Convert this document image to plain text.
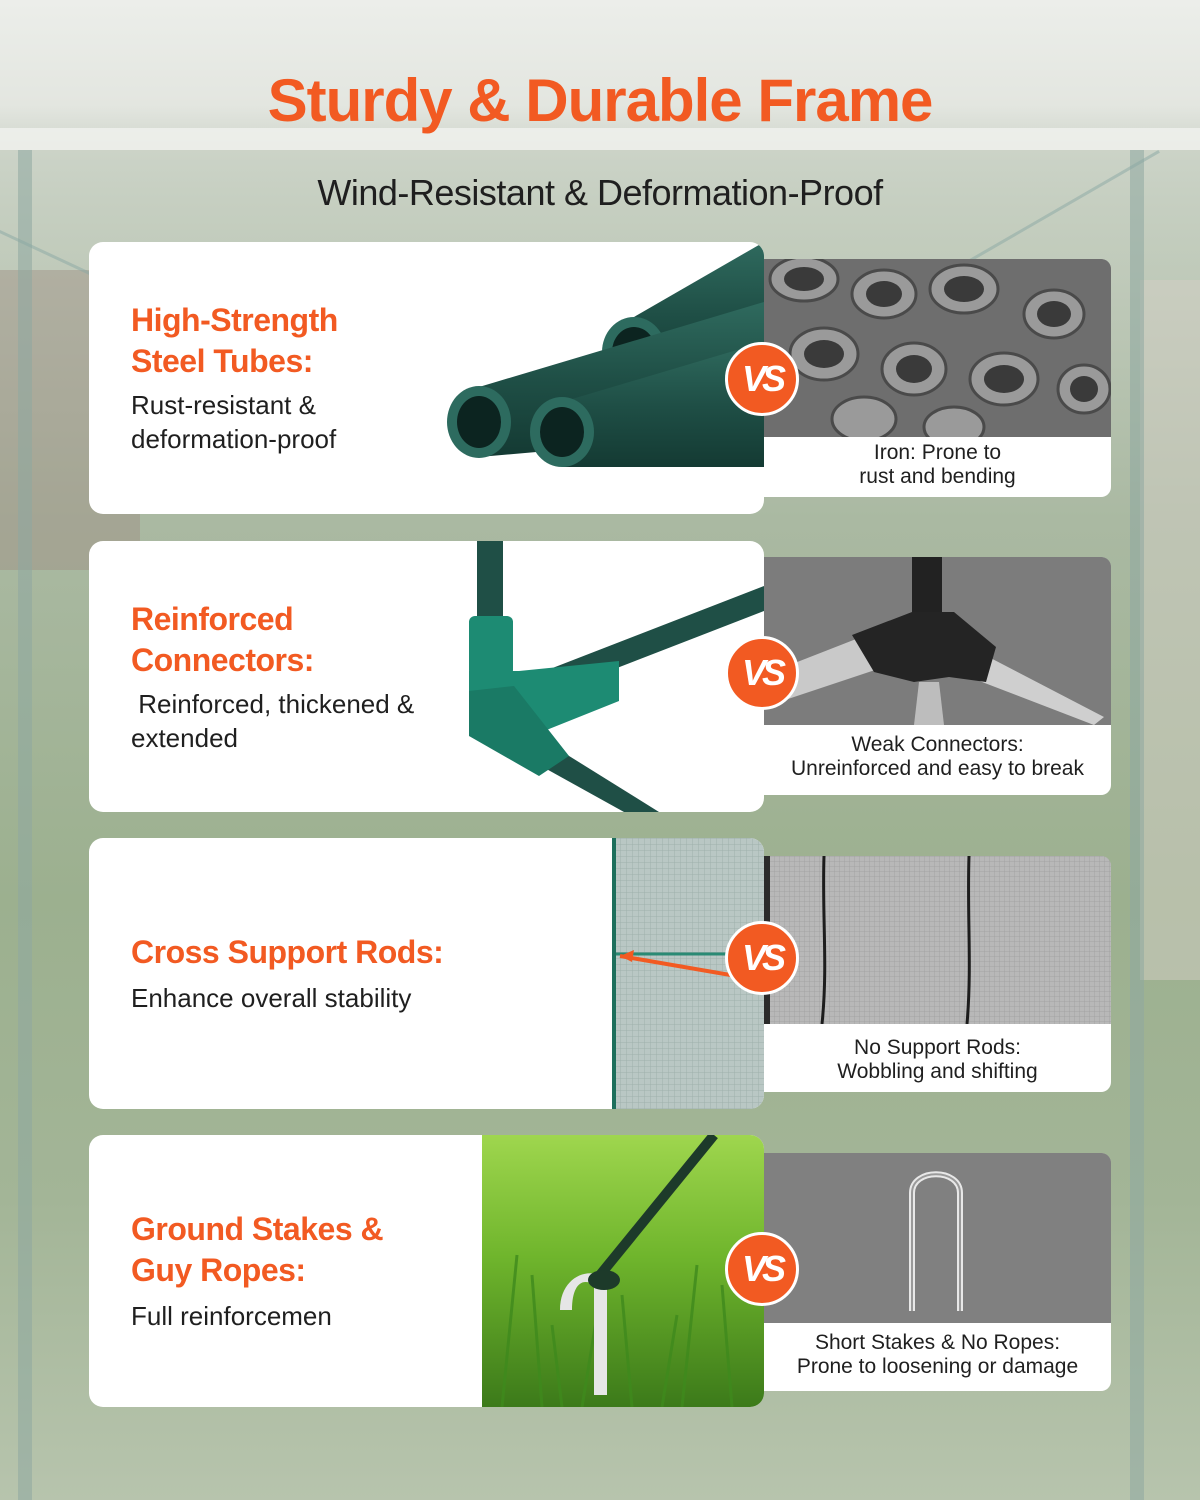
Sturdy & Durable Frame
Wind-Resistant & Deformation-Proof
High-Strength
Steel Tubes:
Rust-resistant &
deformation-proof	Iron: Prone to
rust and bending
VS
Reinforced
Connectors:
Reinforced, thickened &
extended	Weak Connectors:
Unreinforced and easy to break
VS
Cross Support Rods:
Enhance overall stability
No Support Rods:
Wobbling and shifting
VS
Ground Stakes &
Guy Ropes:
Full reinforcemen
Short Stakes & No Ropes:
Prone to loosening or damage
VS
